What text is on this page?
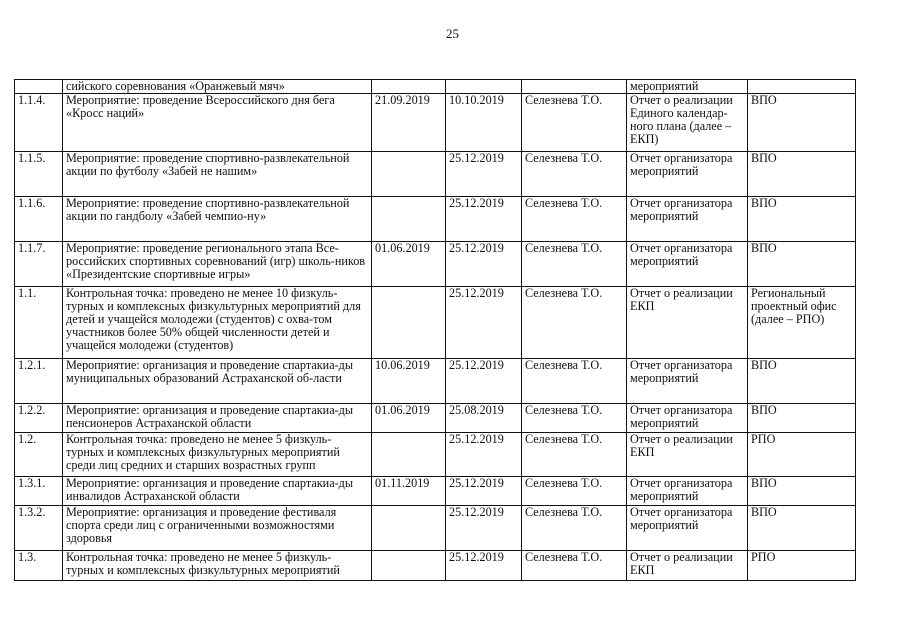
25
	сийского соревнования «Оранжевый мяч»				мероприятий	
1.1.4.	Мероприятие: проведение Всероссийского дня бега «Кросс наций»	21.09.2019	10.10.2019	Селезнева Т.О.	Отчет о реализации Единого календар-ного плана (далее – ЕКП)	ВПО
1.1.5.	Мероприятие: проведение спортивно-развлекательной акции по футболу «Забей не нашим»		25.12.2019	Селезнева Т.О.	Отчет организатора мероприятий	ВПО
1.1.6.	Мероприятие: проведение спортивно-развлекательной акции по гандболу «Забей чемпио-ну»		25.12.2019	Селезнева Т.О.	Отчет организатора мероприятий	ВПО
1.1.7.	Мероприятие: проведение регионального этапа Все-российских спортивных соревнований (игр) школь-ников «Президентские спортивные игры»	01.06.2019	25.12.2019	Селезнева Т.О.	Отчет организатора мероприятий	ВПО
1.1.	Контрольная точка: проведено не менее 10 физкуль-турных и комплексных физкультурных мероприятий для детей и учащейся молодежи (студентов) с охва-том участников более 50% общей численности детей и учащейся молодежи (студентов)		25.12.2019	Селезнева Т.О.	Отчет о реализации ЕКП	Региональный проектный офис (далее – РПО)
1.2.1.	Мероприятие: организация и проведение спартакиа-ды муниципальных образований Астраханской об-ласти	10.06.2019	25.12.2019	Селезнева Т.О.	Отчет организатора мероприятий	ВПО
1.2.2.	Мероприятие: организация и проведение спартакиа-ды пенсионеров Астраханской области	01.06.2019	25.08.2019	Селезнева Т.О.	Отчет организатора мероприятий	ВПО
1.2.	Контрольная точка: проведено не менее 5 физкуль-турных и комплексных физкультурных мероприятий среди лиц средних и старших возрастных групп		25.12.2019	Селезнева Т.О.	Отчет о реализации ЕКП	РПО
1.3.1.	Мероприятие: организация и проведение спартакиа-ды инвалидов Астраханской области	01.11.2019	25.12.2019	Селезнева Т.О.	Отчет организатора мероприятий	ВПО
1.3.2.	Мероприятие: организация и проведение фестиваля спорта среди лиц с ограниченными возможностями здоровья		25.12.2019	Селезнева Т.О.	Отчет организатора мероприятий	ВПО
1.3.	Контрольная точка: проведено не менее 5 физкуль-турных и комплексных физкультурных мероприятий		25.12.2019	Селезнева Т.О.	Отчет о реализации ЕКП	РПО
